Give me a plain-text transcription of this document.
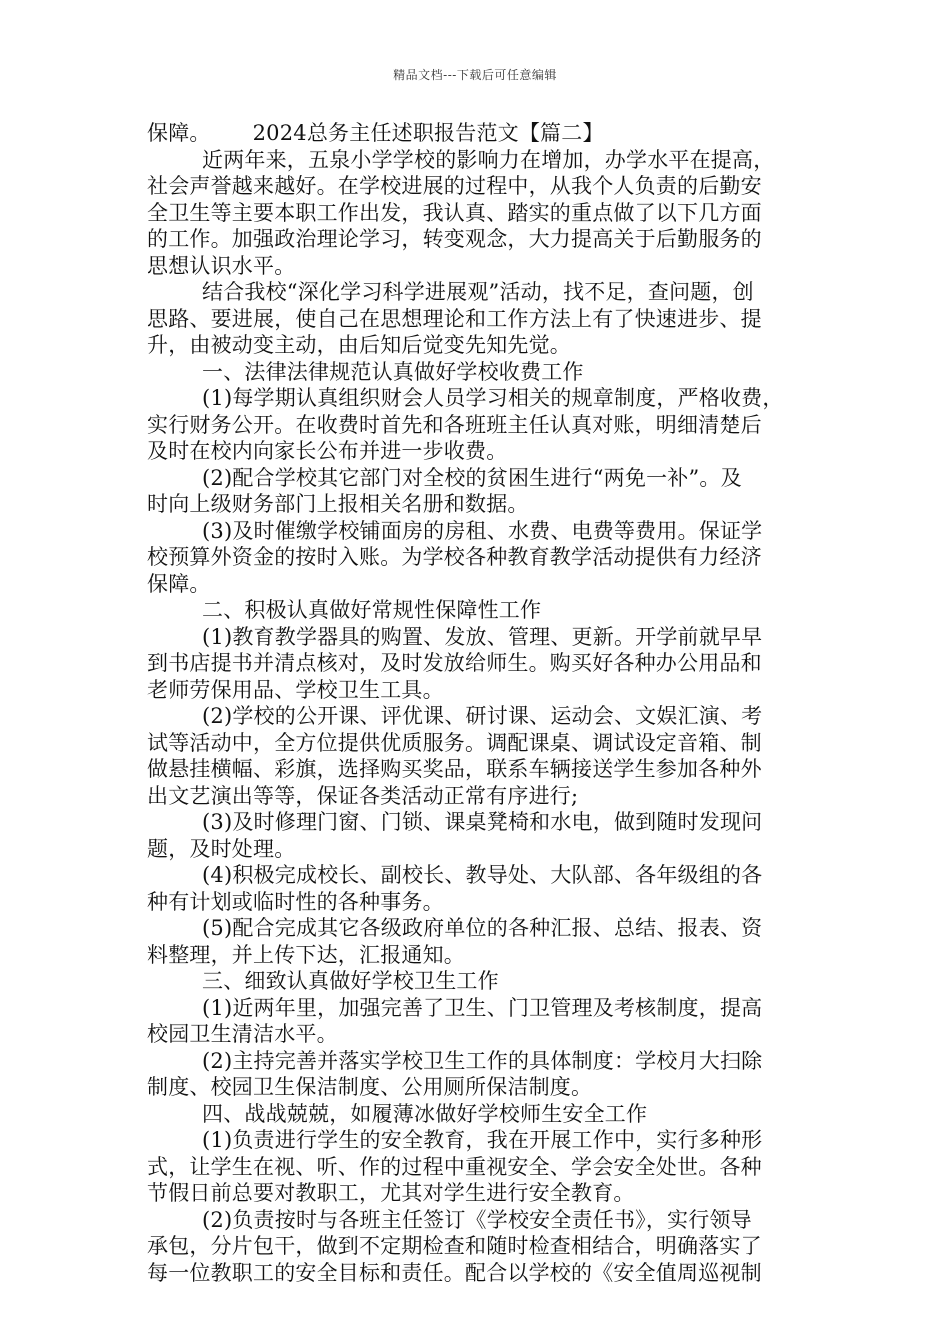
精品文档---下载后可任意编辑
保障。 2024总务主任述职报告范文【篇二】
近两年来，五泉小学学校的影响力在增加，办学水平在提高，
社会声誉越来越好。在学校进展的过程中，从我个人负责的后勤安
全卫生等主要本职工作出发，我认真、踏实的重点做了以下几方面
的工作。加强政治理论学习，转变观念，大力提高关于后勤服务的
思想认识水平。
结合我校“深化学习科学进展观”活动，找不足，查问题，创
思路、要进展，使自己在思想理论和工作方法上有了快速进步、提
升，由被动变主动，由后知后觉变先知先觉。
一、法律法律规范认真做好学校收费工作
(1)每学期认真组织财会人员学习相关的规章制度，严格收费，
实行财务公开。在收费时首先和各班班主任认真对账，明细清楚后
及时在校内向家长公布并进一步收费。
(2)配合学校其它部门对全校的贫困生进行“两免一补”。及
时向上级财务部门上报相关名册和数据。
(3)及时催缴学校铺面房的房租、水费、电费等费用。保证学
校预算外资金的按时入账。为学校各种教育教学活动提供有力经济
保障。
二、积极认真做好常规性保障性工作
(1)教育教学器具的购置、发放、管理、更新。开学前就早早
到书店提书并清点核对，及时发放给师生。购买好各种办公用品和
老师劳保用品、学校卫生工具。
(2)学校的公开课、评优课、研讨课、运动会、文娱汇演、考
试等活动中，全方位提供优质服务。调配课桌、调试设定音箱、制
做悬挂横幅、彩旗，选择购买奖品，联系车辆接送学生参加各种外
出文艺演出等等，保证各类活动正常有序进行;
(3)及时修理门窗、门锁、课桌凳椅和水电，做到随时发现问
题，及时处理。
(4)积极完成校长、副校长、教导处、大队部、各年级组的各
种有计划或临时性的各种事务。
(5)配合完成其它各级政府单位的各种汇报、总结、报表、资
料整理，并上传下达，汇报通知。
三、细致认真做好学校卫生工作
(1)近两年里，加强完善了卫生、门卫管理及考核制度，提高
校园卫生清洁水平。
(2)主持完善并落实学校卫生工作的具体制度：学校月大扫除
制度、校园卫生保洁制度、公用厕所保洁制度。
四、战战兢兢，如履薄冰做好学校师生安全工作
(1)负责进行学生的安全教育，我在开展工作中，实行多种形
式，让学生在视、听、作的过程中重视安全、学会安全处世。各种
节假日前总要对教职工，尤其对学生进行安全教育。
(2)负责按时与各班主任签订《学校安全责任书》，实行领导
承包，分片包干，做到不定期检查和随时检查相结合，明确落实了
每一位教职工的安全目标和责任。配合以学校的《安全值周巡视制
